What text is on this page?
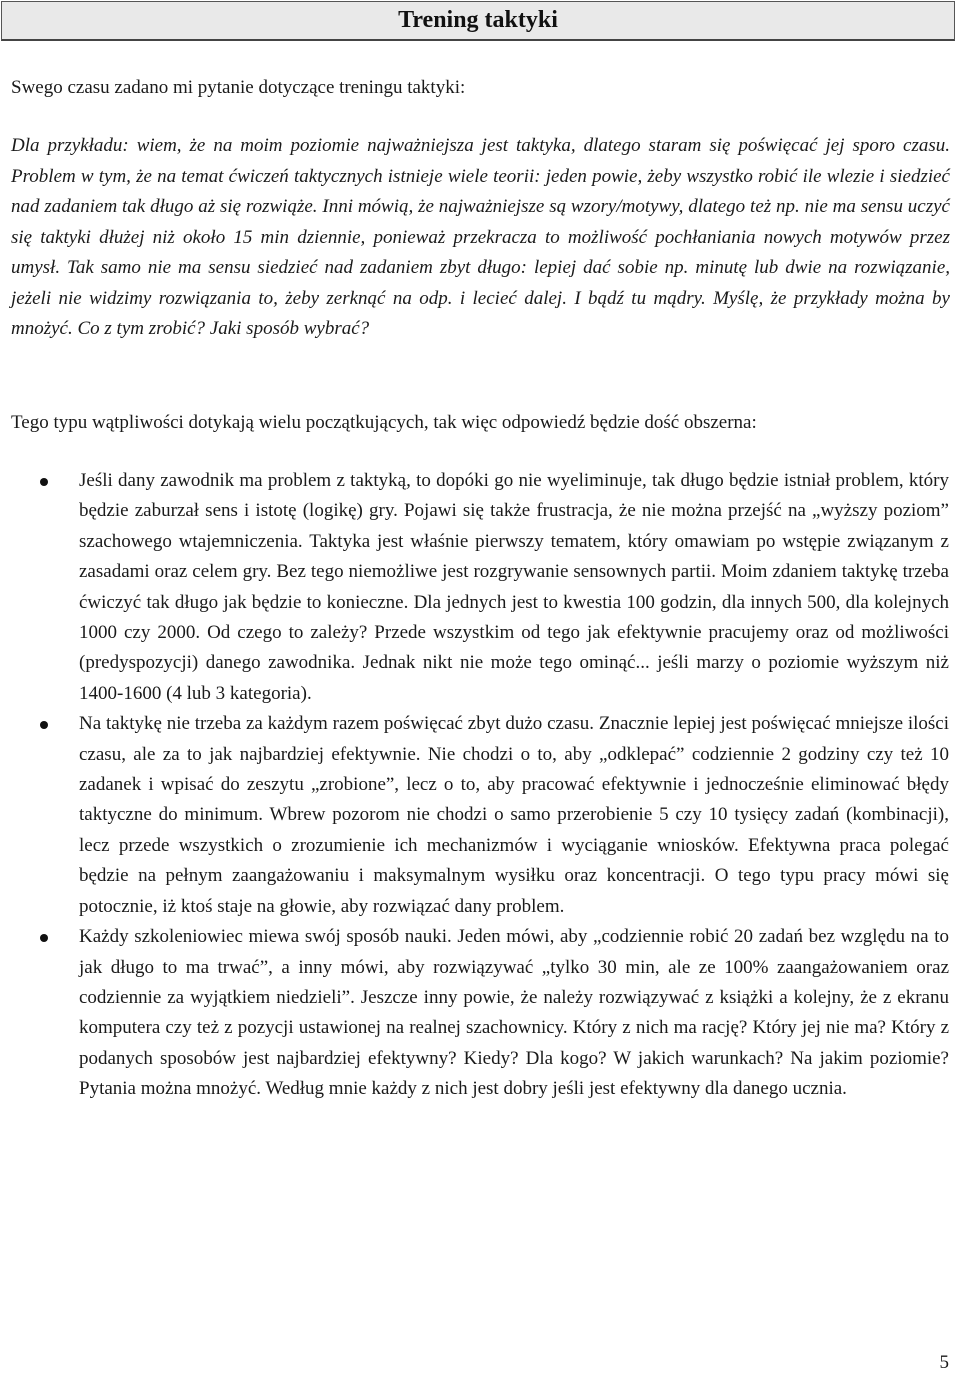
Trening taktyki

Swego czasu zadano mi pytanie dotyczące treningu taktyki:

Dla przykładu: wiem, że na moim poziomie najważniejsza jest taktyka, dlatego staram się poświęcać jej sporo czasu. Problem w tym, że na temat ćwiczeń taktycznych istnieje wiele teorii: jeden powie, żeby wszystko robić ile wlezie i siedzieć nad zadaniem tak długo aż się rozwiąże. Inni mówią, że najważniejsze są wzory/motywy, dlatego też np. nie ma sensu uczyć się taktyki dłużej niż około 15 min dziennie, ponieważ przekracza to możliwość pochłaniania nowych motywów przez umysł. Tak samo nie ma sensu siedzieć nad zadaniem zbyt długo: lepiej dać sobie np. minutę lub dwie na rozwiązanie, jeżeli nie widzimy rozwiązania to, żeby zerknąć na odp. i lecieć dalej. I bądź tu mądry. Myślę, że przykłady można by mnożyć. Co z tym zrobić? Jaki sposób wybrać?

Tego typu wątpliwości dotykają wielu początkujących, tak więc odpowiedź będzie dość obszerna:

Jeśli dany zawodnik ma problem z taktyką, to dopóki go nie wyeliminuje, tak długo będzie istniał problem, który będzie zaburzał sens i istotę (logikę) gry. Pojawi się także frustracja, że nie można przejść na „wyższy poziom” szachowego wtajemniczenia. Taktyka jest właśnie pierwszy tematem, który omawiam po wstępie związanym z zasadami oraz celem gry. Bez tego niemożliwe jest rozgrywanie sensownych partii. Moim zdaniem taktykę trzeba ćwiczyć tak długo jak będzie to konieczne. Dla jednych jest to kwestia 100 godzin, dla innych 500, dla kolejnych 1000 czy 2000. Od czego to zależy? Przede wszystkim od tego jak efektywnie pracujemy oraz od możliwości (predyspozycji) danego zawodnika. Jednak nikt nie może tego ominąć... jeśli marzy o poziomie wyższym niż 1400-1600 (4 lub 3 kategoria).
Na taktykę nie trzeba za każdym razem poświęcać zbyt dużo czasu. Znacznie lepiej jest poświęcać mniejsze ilości czasu, ale za to jak najbardziej efektywnie. Nie chodzi o to, aby „odklepać” codziennie 2 godziny czy też 10 zadanek i wpisać do zeszytu „zrobione”, lecz o to, aby pracować efektywnie i jednocześnie eliminować błędy taktyczne do minimum. Wbrew pozorom nie chodzi o samo przerobienie 5 czy 10 tysięcy zadań (kombinacji), lecz przede wszystkich o zrozumienie ich mechanizmów i wyciąganie wniosków. Efektywna praca polegać będzie na pełnym zaangażowaniu i maksymalnym wysiłku oraz koncentracji. O tego typu pracy mówi się potocznie, iż ktoś staje na głowie, aby rozwiązać dany problem.
Każdy szkoleniowiec miewa swój sposób nauki. Jeden mówi, aby „codziennie robić 20 zadań bez względu na to jak długo to ma trwać”, a inny mówi, aby rozwiązywać „tylko 30 min, ale ze 100% zaangażowaniem oraz codziennie za wyjątkiem niedzieli”. Jeszcze inny powie, że należy rozwiązywać z książki a kolejny, że z ekranu komputera czy też z pozycji ustawionej na realnej szachownicy. Który z nich ma rację? Który jej nie ma? Który z podanych sposobów jest najbardziej efektywny? Kiedy? Dla kogo? W jakich warunkach? Na jakim poziomie? Pytania można mnożyć. Według mnie każdy z nich jest dobry jeśli jest efektywny dla danego ucznia.
5
